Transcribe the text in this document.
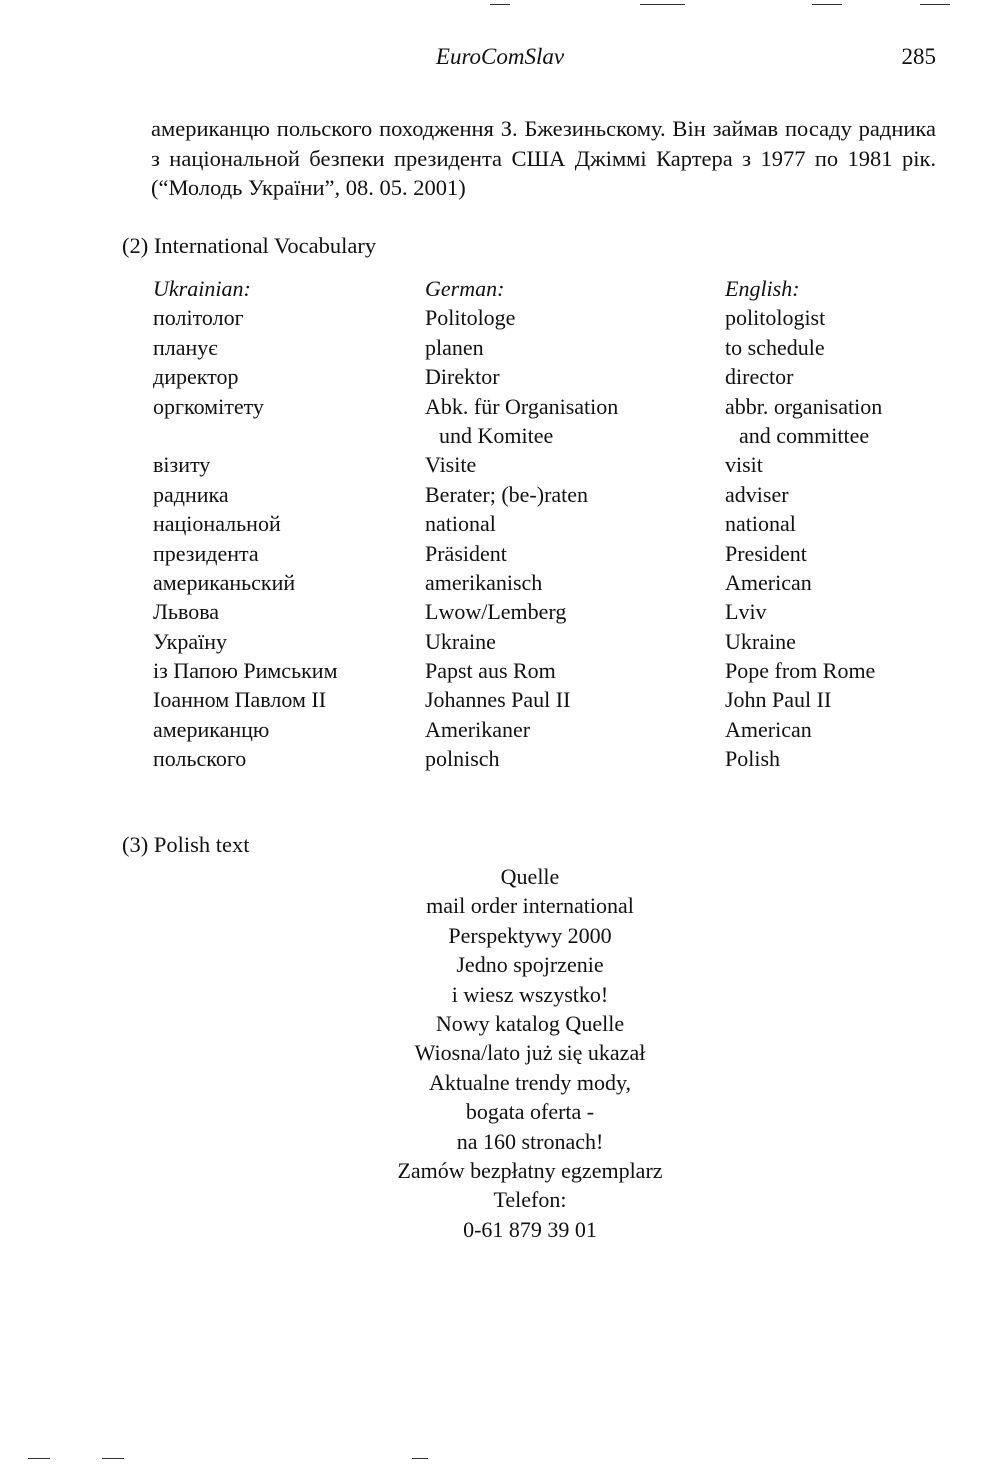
EuroComSlav	285
американцю польского походження З. Бжезиньскому. Він займав посаду радника з національной безпеки президента США Джіммі Картера з 1977 по 1981 рік. (“Молодь України”, 08. 05. 2001)
(2) International Vocabulary
Ukrainian:
політолог
планує
директор
оргкомітету
візиту
радника
національной
президента
американьский
Львова
Україну
із Папою Римським
Іоанном Павлом ІІ
американцю
польского
German:
Politologe
planen
Direktor
Abk. für Organisation
und Komitee
Visite
Berater; (be-)raten
national
Präsident
amerikanisch
Lwow/Lemberg
Ukraine
Papst aus Rom
Johannes Paul II
Amerikaner
polnisch
English:
politologist
to schedule
director
abbr. organisation
and committee
visit
adviser
national
President
American
Lviv
Ukraine
Pope from Rome
John Paul II
American
Polish
(3) Polish text
Quelle
mail order international
Perspektywy 2000
Jedno spojrzenie
i wiesz wszystko!
Nowy katalog Quelle
Wiosna/lato już się ukazał
Aktualne trendy mody,
bogata oferta -
na 160 stronach!
Zamów bezpłatny egzemplarz
Telefon:
0-61 879 39 01
